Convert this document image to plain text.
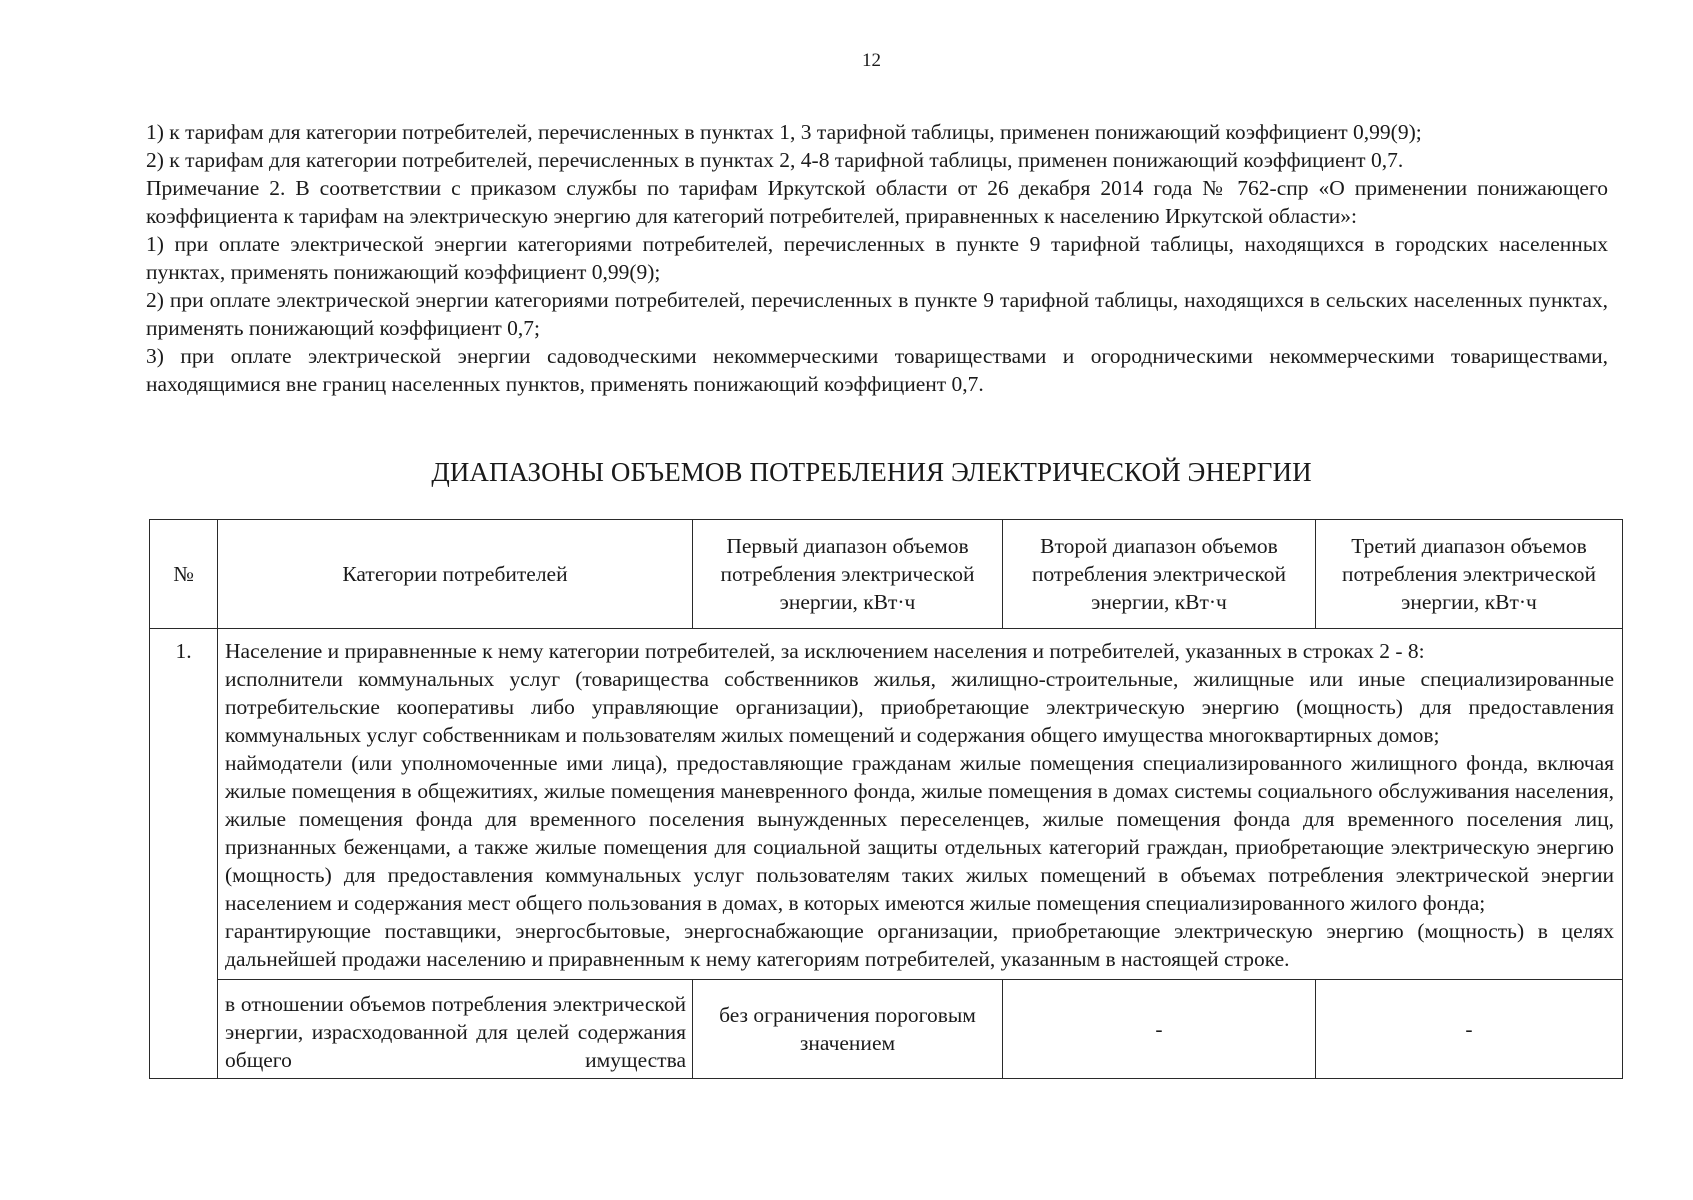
12

1) к тарифам для категории потребителей, перечисленных в пунктах 1, 3 тарифной таблицы, применен понижающий коэффициент 0,99(9);

2) к тарифам для категории потребителей, перечисленных в пунктах 2, 4-8 тарифной таблицы, применен понижающий коэффициент 0,7.

Примечание 2. В соответствии с приказом службы по тарифам Иркутской области от 26 декабря 2014 года № 762-спр «О применении понижающего коэффициента к тарифам на электрическую энергию для категорий потребителей, приравненных к населению Иркутской области»:

1) при оплате электрической энергии категориями потребителей, перечисленных в пункте 9 тарифной таблицы, находящихся в городских населенных пунктах, применять понижающий коэффициент 0,99(9);

2) при оплате электрической энергии категориями потребителей, перечисленных в пункте 9 тарифной таблицы, находящихся в сельских населенных пунктах, применять понижающий коэффициент 0,7;

3) при оплате электрической энергии садоводческими некоммерческими товариществами и огородническими некоммерческими товариществами, находящимися вне границ населенных пунктов, применять понижающий коэффициент 0,7.

ДИАПАЗОНЫ ОБЪЕМОВ ПОТРЕБЛЕНИЯ ЭЛЕКТРИЧЕСКОЙ ЭНЕРГИИ
№	Категории потребителей	Первый диапазон объемов потребления электрической энергии, кВт·ч	Второй диапазон объемов потребления электрической энергии, кВт·ч	Третий диапазон объемов потребления электрической энергии, кВт·ч
1.	Население и приравненные к нему категории потребителей, за исключением населения и потребителей, указанных в строках 2 - 8:

исполнители коммунальных услуг (товарищества собственников жилья, жилищно-строительные, жилищные или иные специализированные потребительские кооперативы либо управляющие организации), приобретающие электрическую энергию (мощность) для предоставления коммунальных услуг собственникам и пользователям жилых помещений и содержания общего имущества многоквартирных домов;

наймодатели (или уполномоченные ими лица), предоставляющие гражданам жилые помещения специализированного жилищного фонда, включая жилые помещения в общежитиях, жилые помещения маневренного фонда, жилые помещения в домах системы социального обслуживания населения, жилые помещения фонда для временного поселения вынужденных переселенцев, жилые помещения фонда для временного поселения лиц, признанных беженцами, а также жилые помещения для социальной защиты отдельных категорий граждан, приобретающие электрическую энергию (мощность) для предоставления коммунальных услуг пользователям таких жилых помещений в объемах потребления электрической энергии населением и содержания мест общего пользования в домах, в которых имеются жилые помещения специализированного жилого фонда;

гарантирующие поставщики, энергосбытовые, энергоснабжающие организации, приобретающие электрическую энергию (мощность) в целях дальнейшей продажи населению и приравненным к нему категориям потребителей, указанным в настоящей строке.			

	в отношении объемов потребления электрической энергии, израсходованной для целей содержания общего имущества	без ограничения пороговым значением	-	-
